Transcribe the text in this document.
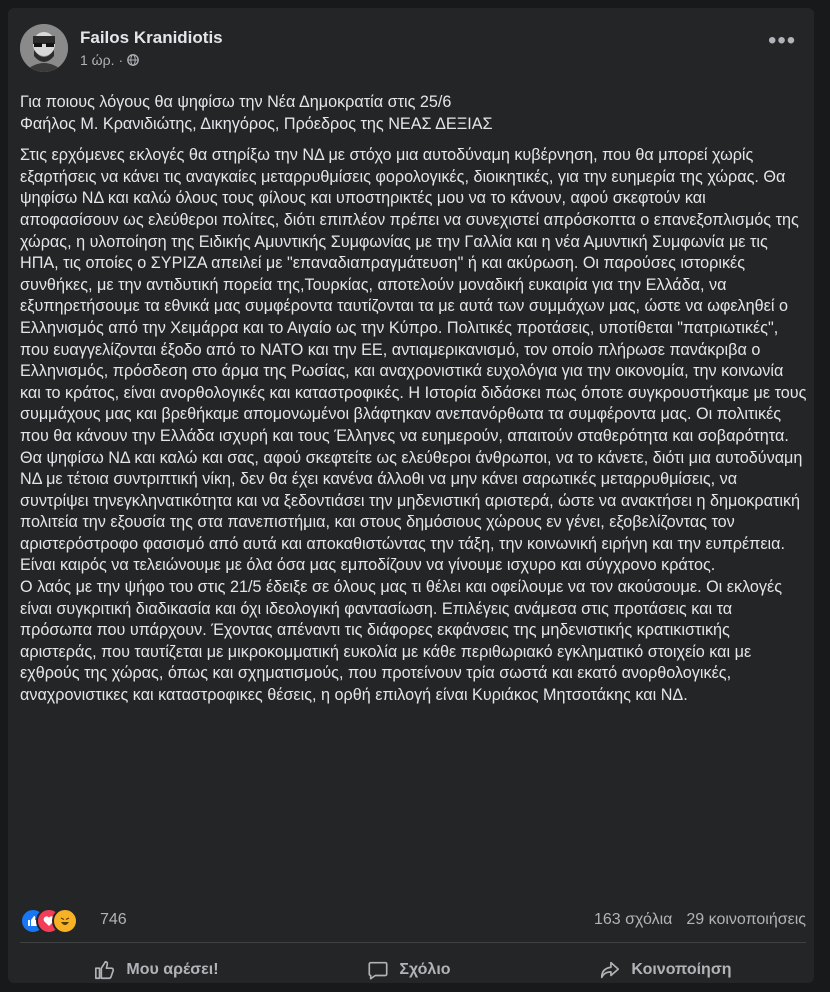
Failos Kranidiotis
1 ώρ. ·
•••

Για ποιους λόγους θα ψηφίσω την Νέα Δημοκρατία στις 25/6

Φαήλος Μ. Κρανιδιώτης, Δικηγόρος, Πρόεδρος της ΝΕΑΣ ΔΕΞΙΑΣ

Στις ερχόμενες εκλογές θα στηρίξω την ΝΔ με στόχο μια αυτοδύναμη κυβέρνηση, που θα μπορεί χωρίς εξαρτήσεις να κάνει τις αναγκαίες μεταρρυθμίσεις φορολογικές, διοικητικές, για την ευημερία της χώρας. Θα ψηφίσω ΝΔ και καλώ όλους τους φίλους και υποστηρικτές μου να το κάνουν, αφού σκεφτούν και αποφασίσουν ως ελεύθεροι πολίτες, διότι επιπλέον πρέπει να συνεχιστεί απρόσκοπτα ο επανεξοπλισμός της χώρας, η υλοποίηση της Ειδικής Αμυντικής Συμφωνίας με την Γαλλία και η νέα Αμυντική Συμφωνία με τις ΗΠΑ, τις οποίες ο ΣΥΡΙΖΑ απειλεί με "επαναδιαπραγμάτευση" ή και ακύρωση. Οι παρούσες ιστορικές συνθήκες, με την αντιδυτική πορεία της,Τουρκίας, αποτελούν μοναδική ευκαιρία για την Ελλάδα, να εξυπηρετήσουμε τα εθνικά μας συμφέροντα ταυτίζονται τα με αυτά των συμμάχων μας, ώστε να ωφεληθεί ο Ελληνισμός από την Χειμάρρα και το Αιγαίο ως την Κύπρο. Πολιτικές προτάσεις, υποτίθεται "πατριωτικές", που ευαγγελίζονται έξοδο από το ΝΑΤΟ και την ΕΕ, αντιαμερικανισμό, τον οποίο πλήρωσε πανάκριβα ο Ελληνισμός, πρόσδεση στο άρμα της Ρωσίας, και αναχρονιστικά ευχολόγια για την οικονομία, την κοινωνία και το κράτος, είναι ανορθολογικές και καταστροφικές. Η Ιστορία διδάσκει πως όποτε συγκρουστήκαμε με τους συμμάχους μας και βρεθήκαμε απομονωμένοι βλάφτηκαν ανεπανόρθωτα τα συμφέροντα μας. Οι πολιτικές που θα κάνουν την Ελλάδα ισχυρή και τους Έλληνες να ευημερούν, απαιτούν σταθερότητα και σοβαρότητα. Θα ψηφίσω ΝΔ και καλώ και σας, αφού σκεφτείτε ως ελεύθεροι άνθρωποι, να το κάνετε, διότι μια αυτοδύναμη ΝΔ με τέτοια συντριπτική νίκη, δεν θα έχει κανένα άλλοθι να μην κάνει σαρωτικές μεταρρυθμίσεις, να συντρίψει τηνεγκληνατικότητα και να ξεδοντιάσει την μηδενιστική αριστερά, ώστε να ανακτήσει η δημοκρατική πολιτεία την εξουσία της στα πανεπιστήμια, και στους δημόσιους χώρους εν γένει, εξοβελίζοντας τον αριστερόστροφο φασισμό από αυτά και αποκαθιστώντας την τάξη, την κοινωνική ειρήνη και την ευπρέπεια. Είναι καιρός να τελειώνουμε με όλα όσα μας εμποδίζουν να γίνουμε ισχυρο και σύγχρονο κράτος.

Ο λαός με την ψήφο του στις 21/5 έδειξε σε όλους μας τι θέλει και οφείλουμε να τον ακούσουμε. Οι εκλογές είναι συγκριτική διαδικασία και όχι ιδεολογική φαντασίωση. Επιλέγεις ανάμεσα στις προτάσεις και τα πρόσωπα που υπάρχουν. Έχοντας απέναντι τις διάφορες εκφάνσεις της μηδενιστικής κρατικιστικής αριστεράς, που ταυτίζεται με μικροκομματική ευκολία με κάθε περιθωριακό εγκληματικό στοιχείο και με εχθρούς της χώρας, όπως και σχηματισμούς, που προτείνουν τρία σωστά και εκατό ανορθολογικές, αναχρονιστικες και καταστροφικες θέσεις, η ορθή επιλογή είναι Κυριάκος Μητσοτάκης και ΝΔ.

746	163 σχόλια 29 κοινοποιήσεις
Μου αρέσει!	Σχόλιο	Κοινοποίηση
